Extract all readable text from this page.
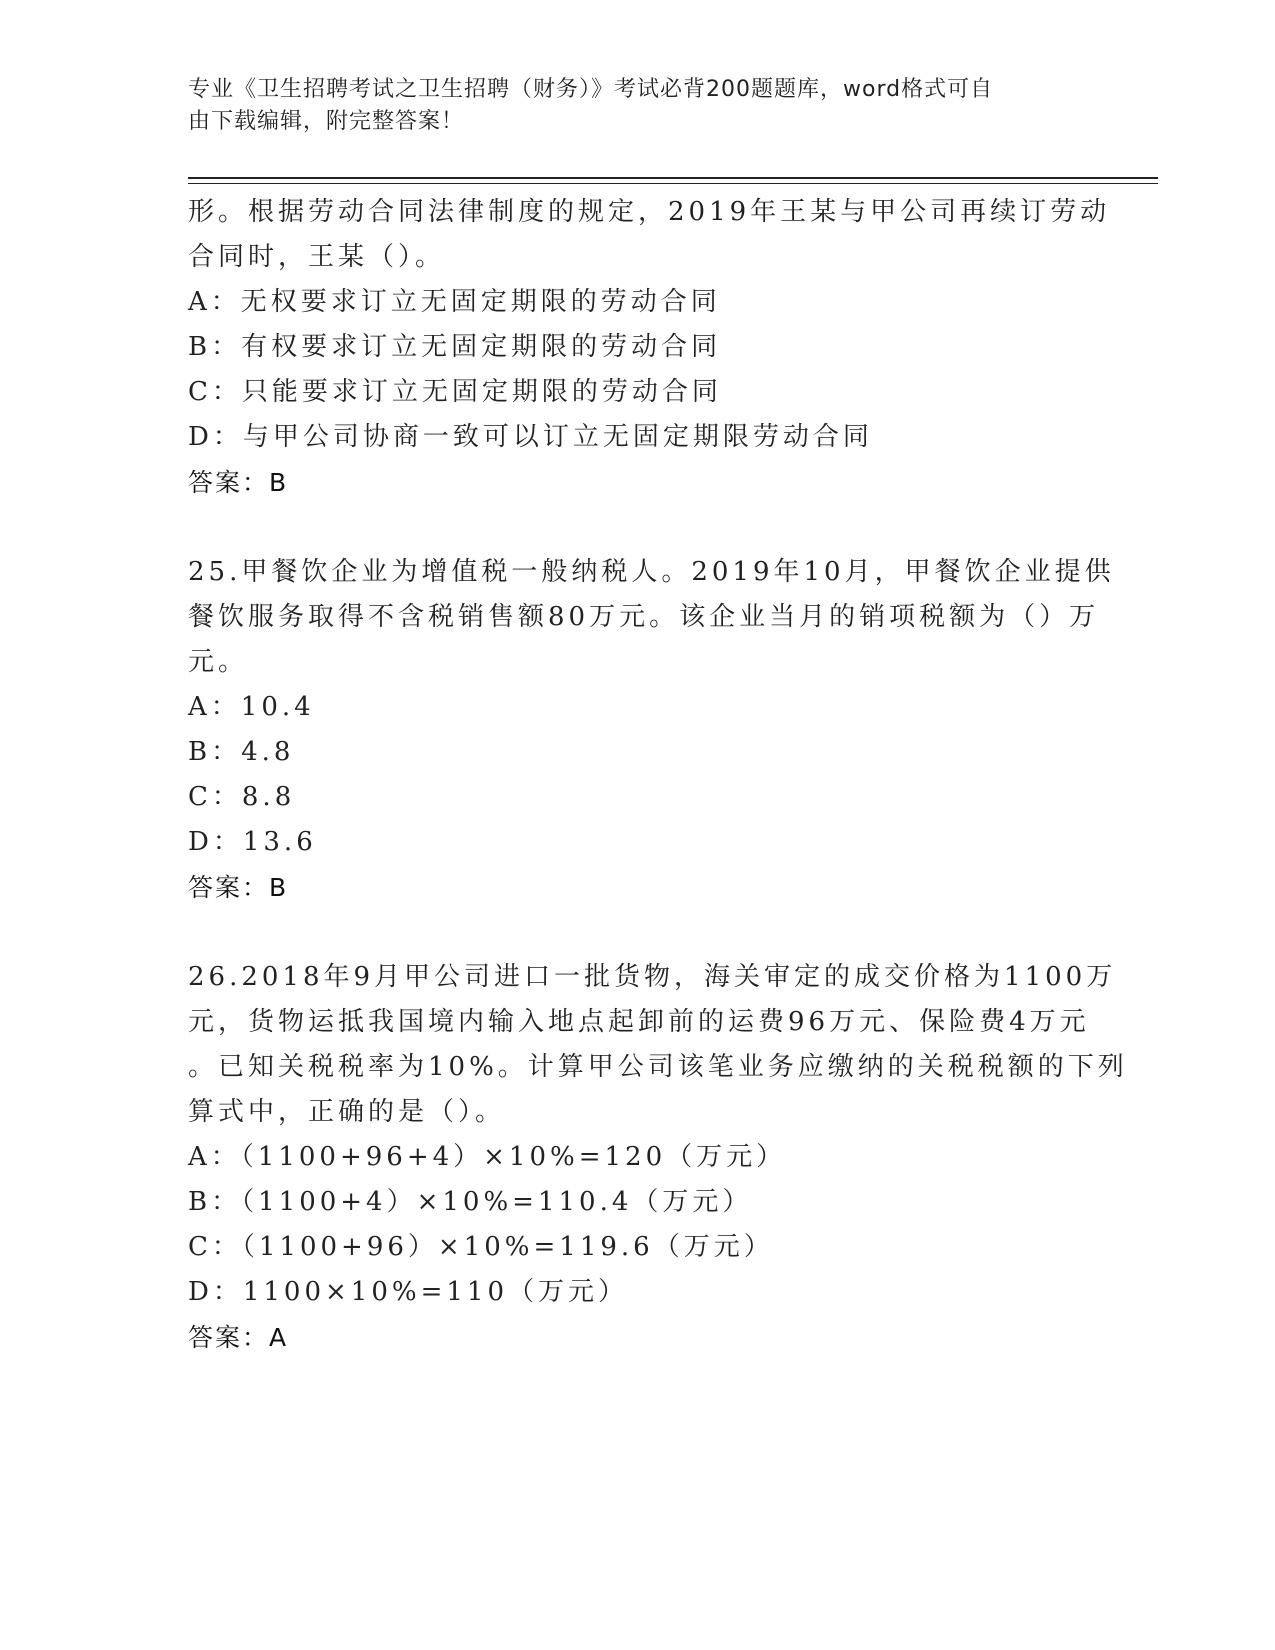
专业《卫生招聘考试之卫生招聘（财务）》考试必背200题题库，word格式可自
由下载编辑，附完整答案！
形。根据劳动合同法律制度的规定，2019年王某与甲公司再续订劳动
合同时，王某（）。
A：无权要求订立无固定期限的劳动合同
B：有权要求订立无固定期限的劳动合同
C：只能要求订立无固定期限的劳动合同
D：与甲公司协商一致可以订立无固定期限劳动合同
答案：B
25.甲餐饮企业为增值税一般纳税人。2019年10月，甲餐饮企业提供
餐饮服务取得不含税销售额80万元。该企业当月的销项税额为（）万
元。
A：10.4
B：4.8
C：8.8
D：13.6
答案：B
26.2018年9月甲公司进口一批货物，海关审定的成交价格为1100万
元，货物运抵我国境内输入地点起卸前的运费96万元、保险费4万元
。已知关税税率为10%。计算甲公司该笔业务应缴纳的关税税额的下列
算式中，正确的是（）。
A：（1100+96+4）×10%=120（万元）
B：（1100+4）×10%=110.4（万元）
C：（1100+96）×10%=119.6（万元）
D：1100×10%=110（万元）
答案：A
